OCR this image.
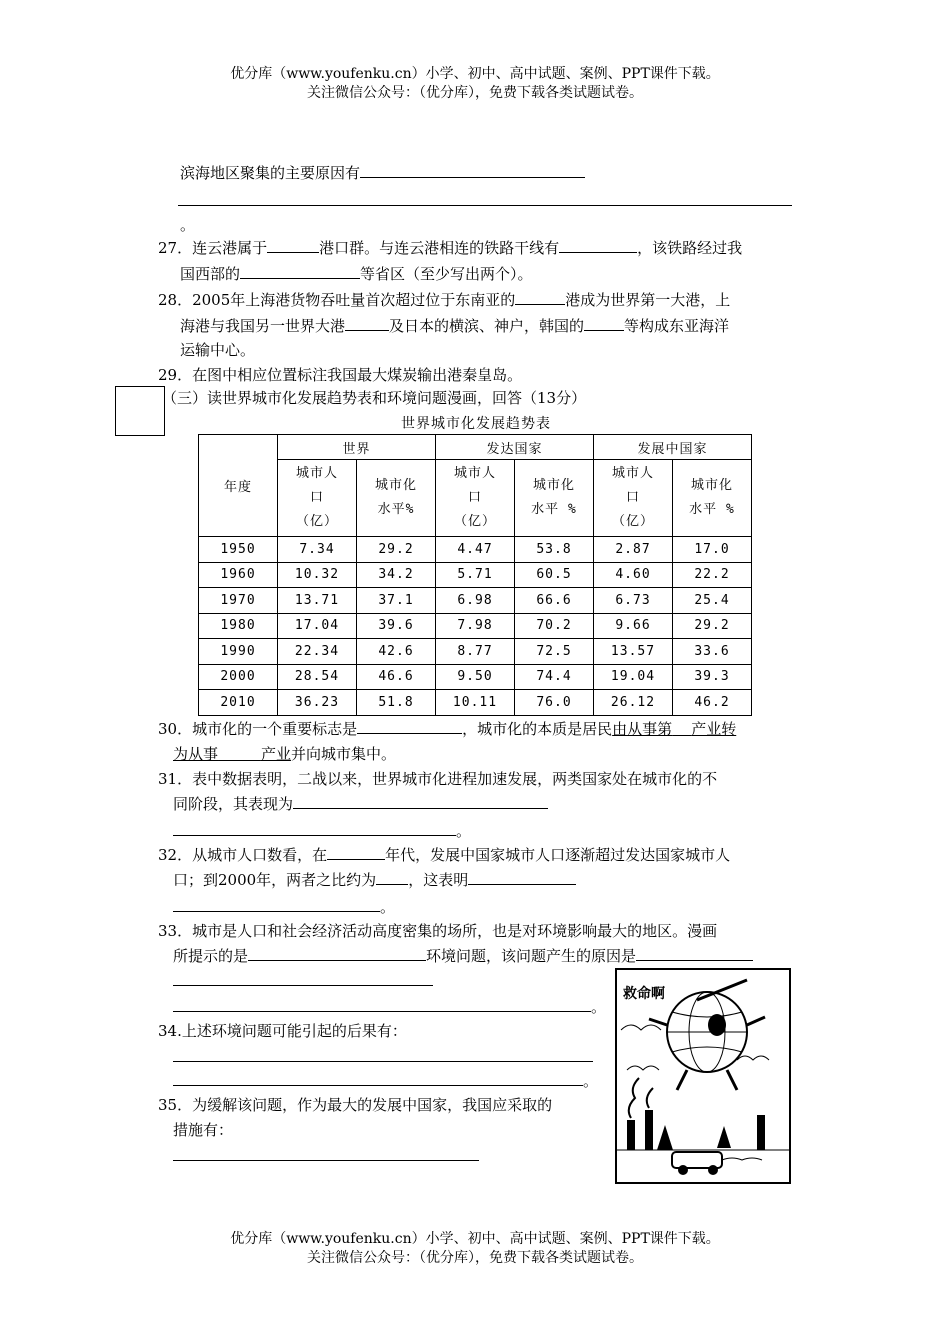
优分库（www.youfenku.cn）小学、初中、高中试题、案例、PPT课件下载。
关注微信公众号：（优分库），免费下载各类试题试卷。
滨海地区聚集的主要原因有
。
27．连云港属于	港口群。与连云港相连的铁路干线有	，该铁路经过我
国西部的	等省区（至少写出两个）。
28．2005年上海港货物吞吐量首次超过位于东南亚的	港成为世界第一大港，上
海港与我国另一世界大港	及日本的横滨、神户，韩国的	等构成东亚海洋
运输中心。
29．在图中相应位置标注我国最大煤炭输出港秦皇岛。
（三）读世界城市化发展趋势表和环境问题漫画，回答（13分）
世界城市化发展趋势表
年度	世界		发达国家		发展中国家	
	城市人
口
（亿）	城市化
水平%	城市人
口
（亿）	城市化
水平 %	城市人
口
（亿）	城市化
水平 %
1950	7.34	29.2	4.47	53.8	2.87	17.0
1960	10.32	34.2	5.71	60.5	4.60	22.2
1970	13.71	37.1	6.98	66.6	6.73	25.4
1980	17.04	39.6	7.98	70.2	9.66	29.2
1990	22.34	42.6	8.77	72.5	13.57	33.6
2000	28.54	46.6	9.50	74.4	19.04	39.3
2010	36.23	51.8	10.11	76.0	26.12	46.2
30．城市化的一个重要标志是	，城市化的本质是居民由从事第 产业转
为从事	产业并向城市集中。
31．表中数据表明，二战以来，世界城市化进程加速发展，两类国家处在城市化的不
同阶段，其表现为
。
32．从城市人口数看，在	年代，发展中国家城市人口逐渐超过发达国家城市人
口；到2000年，两者之比约为 ，这表明
。
33．城市是人口和社会经济活动高度密集的场所，也是对环境影响最大的地区。漫画
所提示的是	环境问题，该问题产生的原因是
。
34.上述环境问题可能引起的后果有：
。
35．为缓解该问题，作为最大的发展中国家，我国应采取的
措施有：
救命啊
优分库（www.youfenku.cn）小学、初中、高中试题、案例、PPT课件下载。
关注微信公众号：（优分库），免费下载各类试题试卷。
